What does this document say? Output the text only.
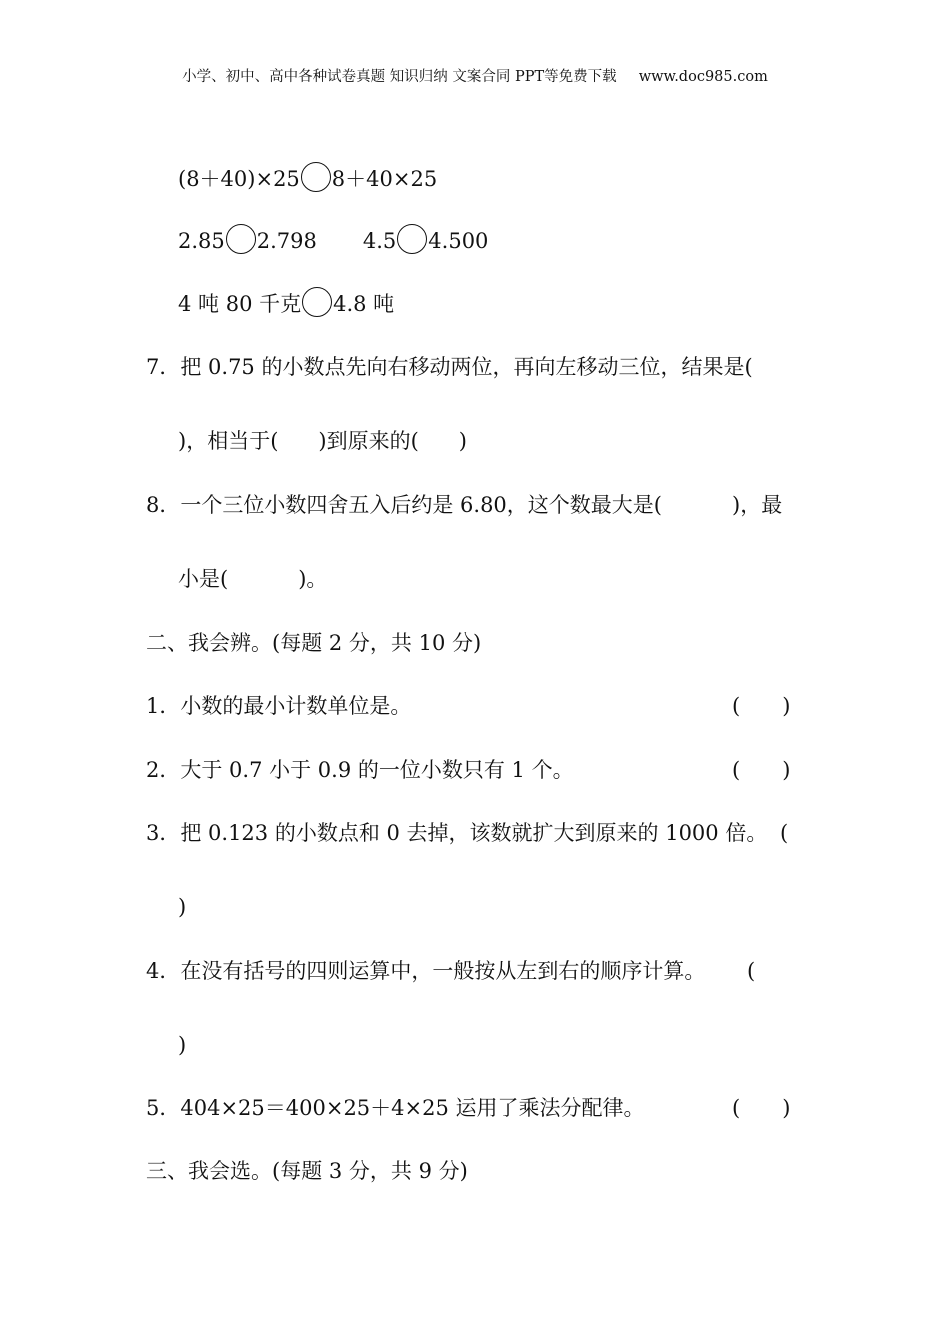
小学、初中、高中各种试卷真题 知识归纳 文案合同 PPT等免费下载 www.doc985.com
(8＋40)×25 8＋40×25
2.85 2.798 4.5 4.500
4 吨 80 千克 4.8 吨
7．把 0.75 的小数点先向右移动两位，再向左移动三位，结果是(
)，相当于( )到原来的( )
8．一个三位小数四舍五入后约是 6.80，这个数最大是(	)，最
小是(	)。
二、我会辨。(每题 2 分，共 10 分)
1．小数的最小计数单位是。	(　　)
2．大于 0.7 小于 0.9 的一位小数只有 1 个。	(　　)
3．把 0.123 的小数点和 0 去掉，该数就扩大到原来的 1000 倍。 (
)
4．在没有括号的四则运算中，一般按从左到右的顺序计算。 (
)
5．404×25＝400×25＋4×25 运用了乘法分配律。	(　　)
三、我会选。(每题 3 分，共 9 分)
